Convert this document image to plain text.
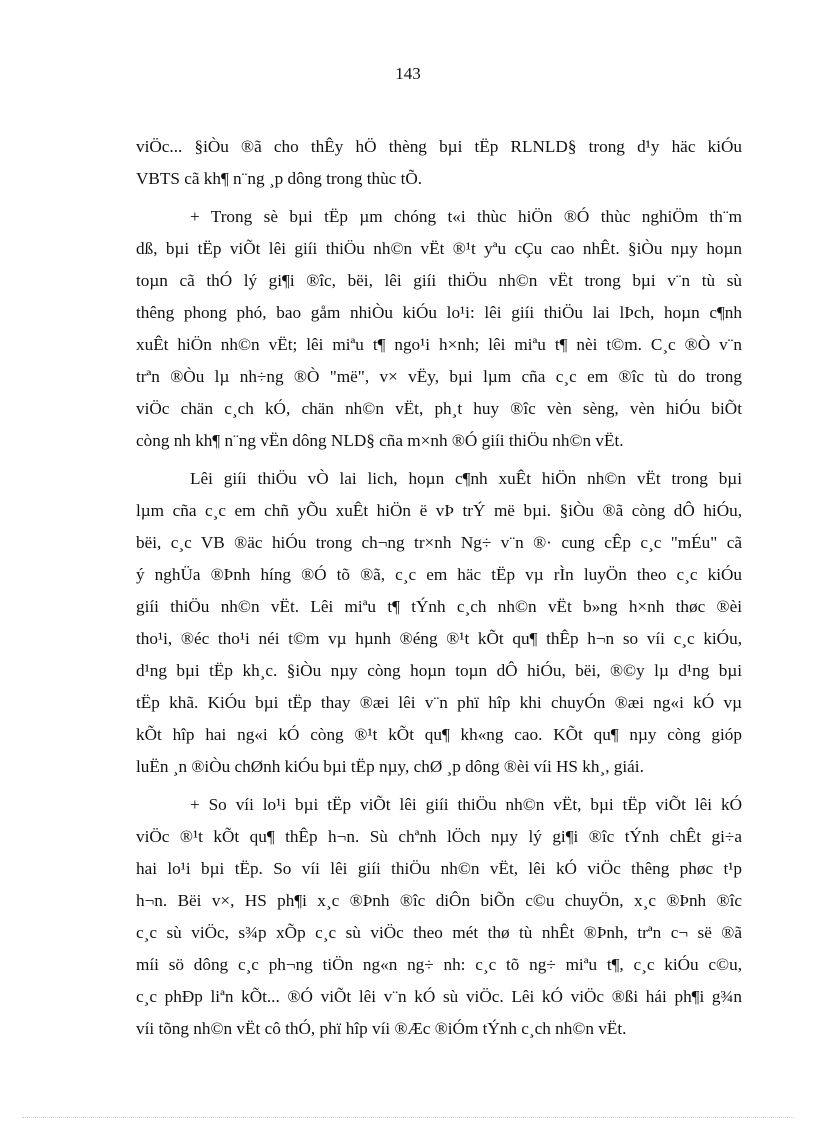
143

viÖc... §iÒu ®ã cho thÊy hÖ thèng bµi tËp RLNLD§ trong d¹y häc kiÓu
VBTS cã kh¶ n¨ng ¸p dông trong thùc tÕ.

+ Trong sè bµi tËp µm chóng t«i thùc hiÖn ®Ó thùc nghiÖm th¨m
dß, bµi tËp viÕt lêi giíi thiÖu nh©n vËt ®¹t yªu cÇu cao nhÊt. §iÒu nµy hoµn
toµn cã thÓ lý gi¶i ®îc, bëi, lêi giíi thiÖu nh©n vËt trong bµi v¨n tù sù
thêng phong phó, bao gåm nhiÒu kiÓu lo¹i: lêi giíi thiÖu lai lÞch, hoµn c¶nh
xuÊt hiÖn nh©n vËt; lêi miªu t¶ ngo¹i h×nh; lêi miªu t¶ nèi t©m. C¸c ®Ò v¨n
trªn ®Òu lµ nh÷ng ®Ò "më", v× vËy, bµi lµm cña c¸c em ®îc tù do trong
viÖc chän c¸ch kÓ, chän nh©n vËt, ph¸t huy ®îc vèn sèng, vèn hiÓu biÕt
còng nh kh¶ n¨ng vËn dông NLD§ cña m×nh ®Ó giíi thiÖu nh©n vËt.

Lêi giíi thiÖu vÒ lai lich, hoµn c¶nh xuÊt hiÖn nh©n vËt trong bµi
lµm cña c¸c em chñ yÕu xuÊt hiÖn ë vÞ trÝ më bµi. §iÒu ®ã còng dÔ hiÓu,
bëi, c¸c VB ®äc hiÓu trong ch¬ng tr×nh Ng÷ v¨n ®· cung cÊp c¸c "mÉu" cã
ý nghÜa ®Þnh híng ®Ó tõ ®ã, c¸c em häc tËp vµ rÌn luyÖn theo c¸c kiÓu
giíi thiÖu nh©n vËt. Lêi miªu t¶ tÝnh c¸ch nh©n vËt b»ng h×nh thøc ®èi
tho¹i, ®éc tho¹i néi t©m vµ hµnh ®éng ®¹t kÕt qu¶ thÊp h¬n so víi c¸c kiÓu,
d¹ng bµi tËp kh¸c. §iÒu nµy còng hoµn toµn dÔ hiÓu, bëi, ®©y lµ d¹ng bµi
tËp khã. KiÓu bµi tËp thay ®æi lêi v¨n phï hîp khi chuyÓn ®æi ng«i kÓ vµ
kÕt hîp hai ng«i kÓ còng ®¹t kÕt qu¶ kh«ng cao. KÕt qu¶ nµy còng gióp
luËn ¸n ®iÒu chØnh kiÓu bµi tËp nµy, chØ ¸p dông ®èi víi HS kh¸, giái.

+ So víi lo¹i bµi tËp viÕt lêi giíi thiÖu nh©n vËt, bµi tËp viÕt lêi kÓ
viÖc ®¹t kÕt qu¶ thÊp h¬n. Sù chªnh lÖch nµy lý gi¶i ®îc tÝnh chÊt gi÷a
hai lo¹i bµi tËp. So víi lêi giíi thiÖu nh©n vËt, lêi kÓ viÖc thêng phøc t¹p
h¬n. Bëi v×, HS ph¶i x¸c ®Þnh ®îc diÔn biÕn c©u chuyÖn, x¸c ®Þnh ®îc
c¸c sù viÖc, s¾p xÕp c¸c sù viÖc theo mét thø tù nhÊt ®Þnh, trªn c¬ së ®ã
míi sö dông c¸c ph¬ng tiÖn ng«n ng÷ nh: c¸c tõ ng÷ miªu t¶, c¸c kiÓu c©u,
c¸c phÐp liªn kÕt... ®Ó viÕt lêi v¨n kÓ sù viÖc. Lêi kÓ viÖc ®ßi hái ph¶i g¾n
víi tõng nh©n vËt cô thÓ, phï hîp víi ®Æc ®iÓm tÝnh c¸ch nh©n vËt.
